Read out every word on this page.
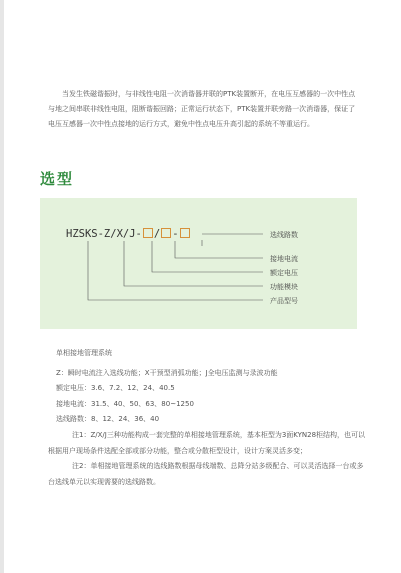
当发生铁磁谐振时，与非线性电阻一次消谐器并联的PTK装置断开，在电压互感器的一次中性点与地之间串联非线性电阻，阻断谐振回路；正常运行状态下，PTK装置并联旁路一次消谐器，保证了电压互感器一次中性点接地的运行方式，避免中性点电压升高引起的系统不等重运行。

选型
HZSKS-Z/X/J- / -	选线路数
接地电流
额定电压
功能模块
产品型号
单相接地管理系统
Z：瞬时电流注入选线功能；X干预型消弧功能；J全电压监测与录波功能
额定电压：3.6、7.2、12、24、40.5
接地电流：31.5、40、50、63、80~1250
选线路数：8、12、24、36、40
注1：Z/X/J三种功能构成一套完整的单相接地管理系统，基本柜型为3面KYN28柜结构，也可以根据用户现场条件选配全部或部分功能，整合或分散柜型设计，设计方案灵活多变；
注2：单相接地管理系统的选线路数根据母线端数、总降分站多级配合、可以灵活选择一台或多台选线单元以实现需要的选线路数。
